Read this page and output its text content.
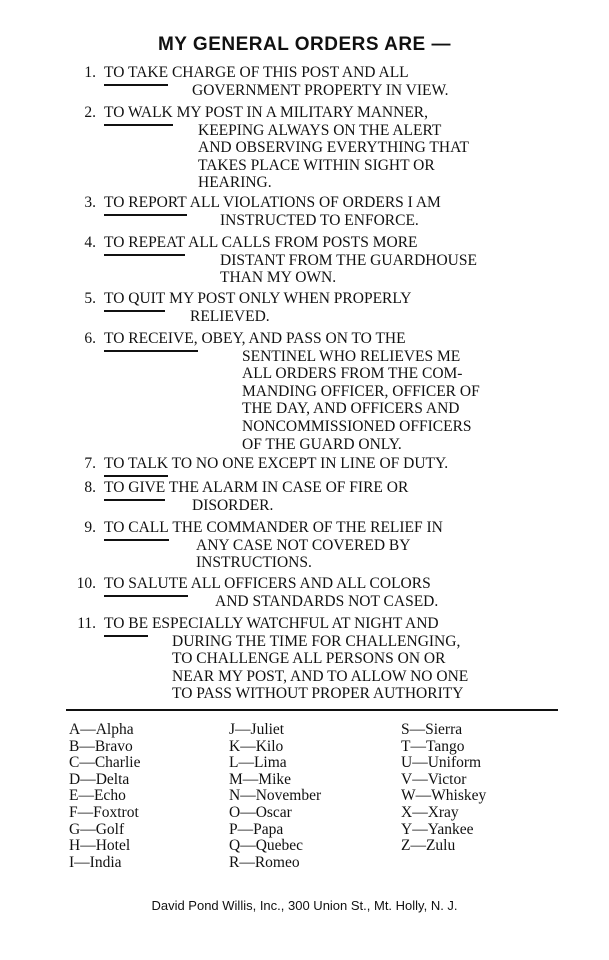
MY GENERAL ORDERS ARE —
1. TO TAKE CHARGE OF THIS POST AND ALL
GOVERNMENT PROPERTY IN VIEW.
2. TO WALK MY POST IN A MILITARY MANNER,
KEEPING ALWAYS ON THE ALERT
AND OBSERVING EVERYTHING THAT
TAKES PLACE WITHIN SIGHT OR
HEARING.
3. TO REPORT ALL VIOLATIONS OF ORDERS I AM
INSTRUCTED TO ENFORCE.
4. TO REPEAT ALL CALLS FROM POSTS MORE
DISTANT FROM THE GUARDHOUSE
THAN MY OWN.
5. TO QUIT MY POST ONLY WHEN PROPERLY
RELIEVED.
6. TO RECEIVE, OBEY, AND PASS ON TO THE
SENTINEL WHO RELIEVES ME
ALL ORDERS FROM THE COM-
MANDING OFFICER, OFFICER OF
THE DAY, AND OFFICERS AND
NONCOMMISSIONED OFFICERS
OF THE GUARD ONLY.
7. TO TALK TO NO ONE EXCEPT IN LINE OF DUTY.
8. TO GIVE THE ALARM IN CASE OF FIRE OR
DISORDER.
9. TO CALL THE COMMANDER OF THE RELIEF IN
ANY CASE NOT COVERED BY
INSTRUCTIONS.
10. TO SALUTE ALL OFFICERS AND ALL COLORS
AND STANDARDS NOT CASED.
11. TO BE ESPECIALLY WATCHFUL AT NIGHT AND
DURING THE TIME FOR CHALLENGING,
TO CHALLENGE ALL PERSONS ON OR
NEAR MY POST, AND TO ALLOW NO ONE
TO PASS WITHOUT PROPER AUTHORITY
A—Alpha
B—Bravo
C—Charlie
D—Delta
E—Echo
F—Foxtrot
G—Golf
H—Hotel
I—India
J—Juliet
K—Kilo
L—Lima
M—Mike
N—November
O—Oscar
P—Papa
Q—Quebec
R—Romeo
S—Sierra
T—Tango
U—Uniform
V—Victor
W—Whiskey
X—Xray
Y—Yankee
Z—Zulu
David Pond Willis, Inc., 300 Union St., Mt. Holly, N. J.
